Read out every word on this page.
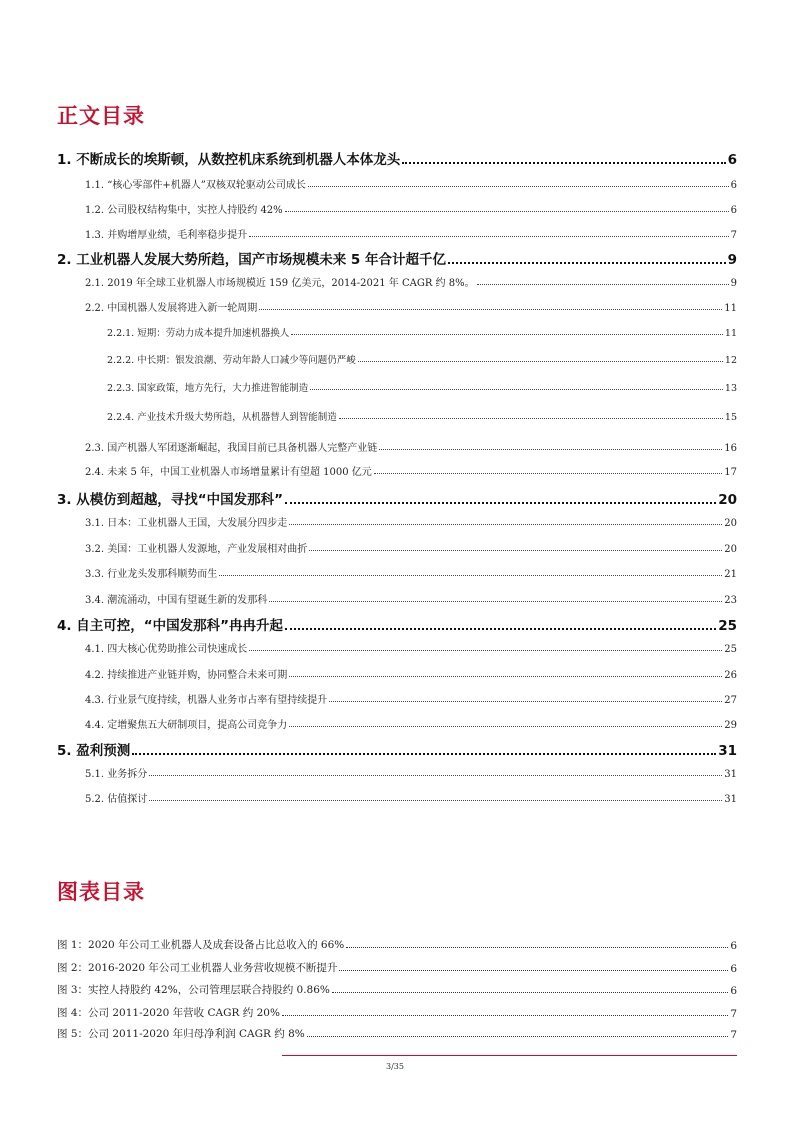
正文目录
1. 不断成长的埃斯顿，从数控机床系统到机器人本体龙头	6
1.1. “核心零部件+机器人”双核双轮驱动公司成长	6
1.2. 公司股权结构集中，实控人持股约 42%	6
1.3. 并购增厚业绩，毛利率稳步提升	7
2. 工业机器人发展大势所趋，国产市场规模未来 5 年合计超千亿	9
2.1. 2019 年全球工业机器人市场规模近 159 亿美元，2014-2021 年 CAGR 约 8%。	9
2.2. 中国机器人发展将进入新一轮周期	11
2.2.1. 短期：劳动力成本提升加速机器换人	11
2.2.2. 中长期：银发浪潮、劳动年龄人口减少等问题仍严峻	12
2.2.3. 国家政策，地方先行，大力推进智能制造	13
2.2.4. 产业技术升级大势所趋，从机器替人到智能制造	15
2.3. 国产机器人军团逐渐崛起，我国目前已具备机器人完整产业链	16
2.4. 未来 5 年，中国工业机器人市场增量累计有望超 1000 亿元	17
3. 从模仿到超越，寻找“中国发那科”	20
3.1. 日本：工业机器人王国，大发展分四步走	20
3.2. 美国：工业机器人发源地，产业发展相对曲折	20
3.3. 行业龙头发那科顺势而生	21
3.4. 潮流涌动，中国有望诞生新的发那科	23
4. 自主可控，“中国发那科”冉冉升起	25
4.1. 四大核心优势助推公司快速成长	25
4.2. 持续推进产业链并购，协同整合未来可期	26
4.3. 行业景气度持续，机器人业务市占率有望持续提升	27
4.4. 定增聚焦五大研制项目，提高公司竞争力	29
5. 盈利预测	31
5.1. 业务拆分	31
5.2. 估值探讨	31
图表目录
图 1：2020 年公司工业机器人及成套设备占比总收入的 66%	6
图 2：2016-2020 年公司工业机器人业务营收规模不断提升	6
图 3：实控人持股约 42%，公司管理层联合持股约 0.86%	6
图 4：公司 2011-2020 年营收 CAGR 约 20%	7
图 5：公司 2011-2020 年归母净利润 CAGR 约 8%	7
3/35
